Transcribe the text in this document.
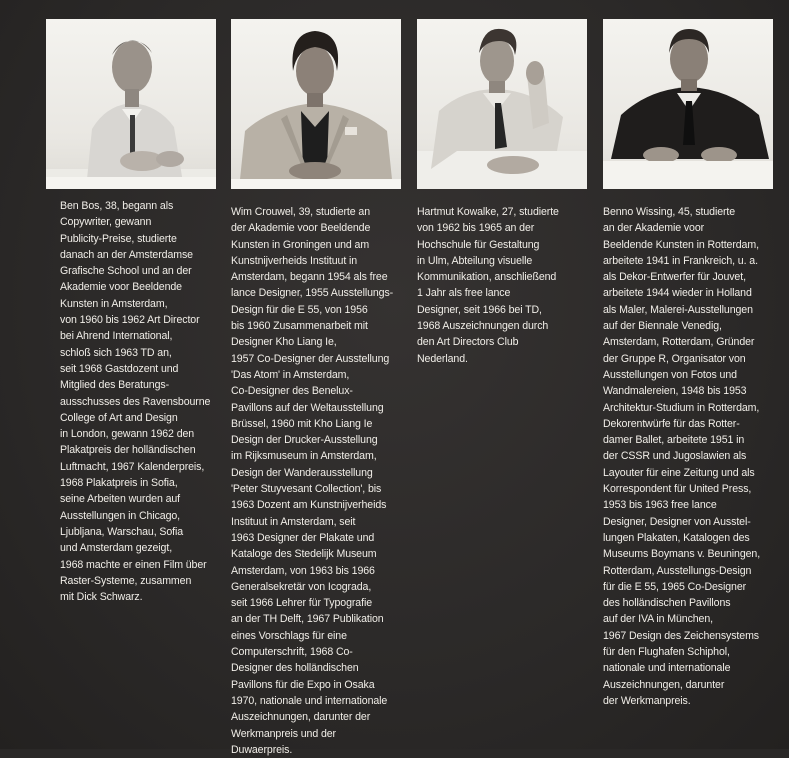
Ben Bos, 38, begann als
Copywriter, gewann
Publicity-Preise, studierte
danach an der Amsterdamse
Grafische School und an der
Akademie voor Beeldende
Kunsten in Amsterdam,
von 1960 bis 1962 Art Director
bei Ahrend International,
schloß sich 1963 TD an,
seit 1968 Gastdozent und
Mitglied des Beratungs-
ausschusses des Ravensbourne
College of Art and Design
in London, gewann 1962 den
Plakatpreis der holländischen
Luftmacht, 1967 Kalenderpreis,
1968 Plakatpreis in Sofia,
seine Arbeiten wurden auf
Ausstellungen in Chicago,
Ljubljana, Warschau, Sofia
und Amsterdam gezeigt,
1968 machte er einen Film über
Raster-Systeme, zusammen
mit Dick Schwarz.

Wim Crouwel, 39, studierte an
der Akademie voor Beeldende
Kunsten in Groningen und am
Kunstnijverheids Instituut in
Amsterdam, begann 1954 als free
lance Designer, 1955 Ausstellungs-
Design für die E 55, von 1956
bis 1960 Zusammenarbeit mit
Designer Kho Liang Ie,
1957 Co-Designer der Ausstellung
'Das Atom' in Amsterdam,
Co-Designer des Benelux-
Pavillons auf der Weltausstellung
Brüssel, 1960 mit Kho Liang Ie
Design der Drucker-Ausstellung
im Rijksmuseum in Amsterdam,
Design der Wanderausstellung
'Peter Stuyvesant Collection', bis
1963 Dozent am Kunstnijverheids
Instituut in Amsterdam, seit
1963 Designer der Plakate und
Kataloge des Stedelijk Museum
Amsterdam, von 1963 bis 1966
Generalsekretär von Icograda,
seit 1966 Lehrer für Typografie
an der TH Delft, 1967 Publikation
eines Vorschlags für eine
Computerschrift, 1968 Co-
Designer des holländischen
Pavillons für die Expo in Osaka
1970, nationale und internationale
Auszeichnungen, darunter der
Werkmanpreis und der
Duwaerpreis.

Hartmut Kowalke, 27, studierte
von 1962 bis 1965 an der
Hochschule für Gestaltung
in Ulm, Abteilung visuelle
Kommunikation, anschließend
1 Jahr als free lance
Designer, seit 1966 bei TD,
1968 Auszeichnungen durch
den Art Directors Club
Nederland.

Benno Wissing, 45, studierte
an der Akademie voor
Beeldende Kunsten in Rotterdam,
arbeitete 1941 in Frankreich, u. a.
als Dekor-Entwerfer für Jouvet,
arbeitete 1944 wieder in Holland
als Maler, Malerei-Ausstellungen
auf der Biennale Venedig,
Amsterdam, Rotterdam, Gründer
der Gruppe R, Organisator von
Ausstellungen von Fotos und
Wandmalereien, 1948 bis 1953
Architektur-Studium in Rotterdam,
Dekorentwürfe für das Rotter-
damer Ballet, arbeitete 1951 in
der CSSR und Jugoslawien als
Layouter für eine Zeitung und als
Korrespondent für United Press,
1953 bis 1963 free lance
Designer, Designer von Ausstel-
lungen Plakaten, Katalogen des
Museums Boymans v. Beuningen,
Rotterdam, Ausstellungs-Design
für die E 55, 1965 Co-Designer
des holländischen Pavillons
auf der IVA in München,
1967 Design des Zeichensystems
für den Flughafen Schiphol,
nationale und internationale
Auszeichnungen, darunter
der Werkmanpreis.
